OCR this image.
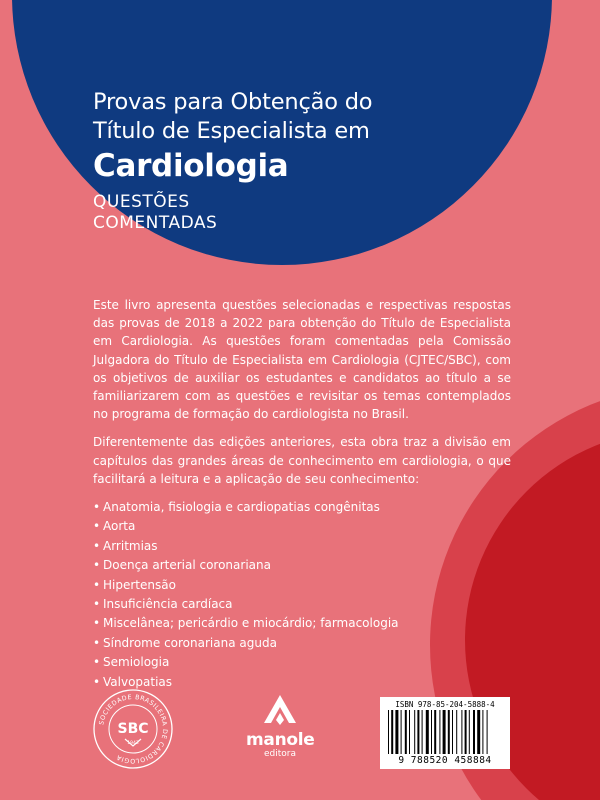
Provas para Obtenção do
Título de Especialista em
Cardiologia
QUESTÕES
COMENTADAS

Este livro apresenta questões selecionadas e respectivas respostas das provas de 2018 a 2022 para obtenção do Título de Especialista em Cardiologia. As questões foram comentadas pela Comissão Julgadora do Título de Especialista em Cardiologia (CJTEC/SBC), com os objetivos de auxiliar os estudantes e candidatos ao título a se familiarizarem com as questões e revisitar os temas contemplados no programa de formação do cardiologista no Brasil.

Diferentemente das edições anteriores, esta obra traz a divisão em capítulos das grandes áreas de conhecimento em cardiologia, o que facilitará a leitura e a aplicação de seu conhecimento:

• Anatomia, fisiologia e cardiopatias congênitas
• Aorta
• Arritmias
• Doença arterial coronariana
• Hipertensão
• Insuficiência cardíaca
• Miscelânea; pericárdio e miocárdio; farmacologia
• Síndrome coronariana aguda
• Semiologia
• Valvopatias
SOCIEDADE BRASILEIRA DE CARDIOLOGIA
SBC
1943	manole
editora
ISBN 978-85-204-5888-4
9 788520 458884
